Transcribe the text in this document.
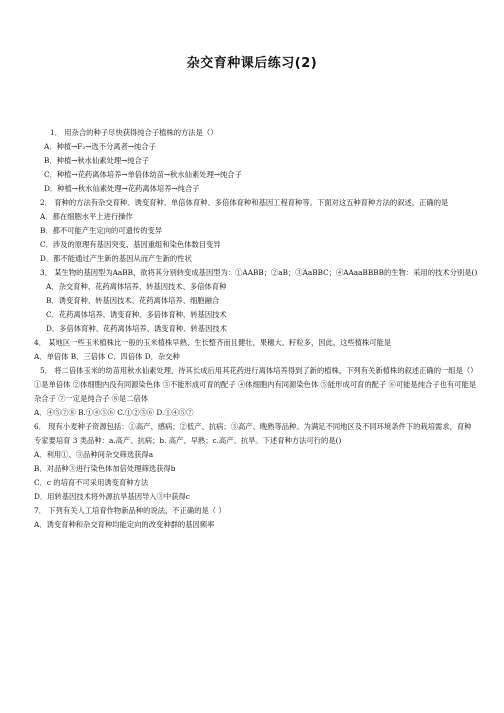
杂交育种课后练习(2)

1． 用杂合的种子尽快获得纯合子植株的方法是（）

A．种植→F₂→选不分离者→纯合子

B．种植→秋水仙素处理→纯合子

C．种植→花药离体培养→单倍体幼苗→秋水仙素处理→纯合子

D．种植→秋水仙素处理→花药离体培养→纯合子

2． 育种的方法有杂交育种、诱变育种、单倍体育种、多倍体育种和基因工程育种等。下面对这五种育种方法的叙述，正确的是

A．都在细胞水平上进行操作

B．都不可能产生定向的可遗传的变异

C．涉及的原理有基因突变、基因重组和染色体数目变异

D．都不能通过产生新的基因从而产生新的性状

3． 某生物的基因型为AaBB，欲将其分别转变成基因型为：①AABB；②aB；③AaBBC；④AAaaBBBB的生物：采用的技术分别是()

A．杂交育种、花药离体培养、转基因技术、多倍体育种

B．诱变育种、转基因技术、花药离体培养、细胞融合

C．花药离体培养、诱变育种、多倍体育种、转基因技术

D．多倍体育种、花药离体培养、诱变育种、转基因技术

4． 某地区一些玉米植株比一般的玉米植株早熟、生长整齐而且健壮，果穗大、籽粒多，因此，这些植株可能是

A．单倍体 B．三倍体 C．四倍体 D．杂交种

5． 将二倍体玉米的幼苗用秋水仙素处理，待其长成后用其花药进行离体培养得到了新的植株，下列有关新植株的叙述正确的一组是（）

①是单倍体 ②体细胞内没有同源染色体 ③不能形成可育的配子 ④体细胞内有同源染色体 ⑤能形成可育的配子 ⑥可能是纯合子也有可能是杂合子 ⑦一定是纯合子 ⑧是二倍体

A．④⑤⑦⑧ B.①④⑤⑥ C.①②③⑥ D.①④⑤⑦

6． 现有小麦种子资源包括：①高产、感病；②低产、抗病；③高产、晚熟等品种。为满足不同地区及不同环境条件下的栽培需求，育种专家要培育 3 类品种：a.高产、抗病；b. 高产、早熟；c.高产、抗旱。下述育种方法可行的是()

A．利用①、③品种间杂交筛选获得a

B．对品种③进行染色体加倍处理筛选获得b

C．c 的培育不可采用诱变育种方法

D．用转基因技术将外源抗旱基因导入③中获得c

7． 下列有关人工培育作物新品种的说法，不正确的是（ ）

A．诱变育种和杂交育种均能定向的改变种群的基因频率
